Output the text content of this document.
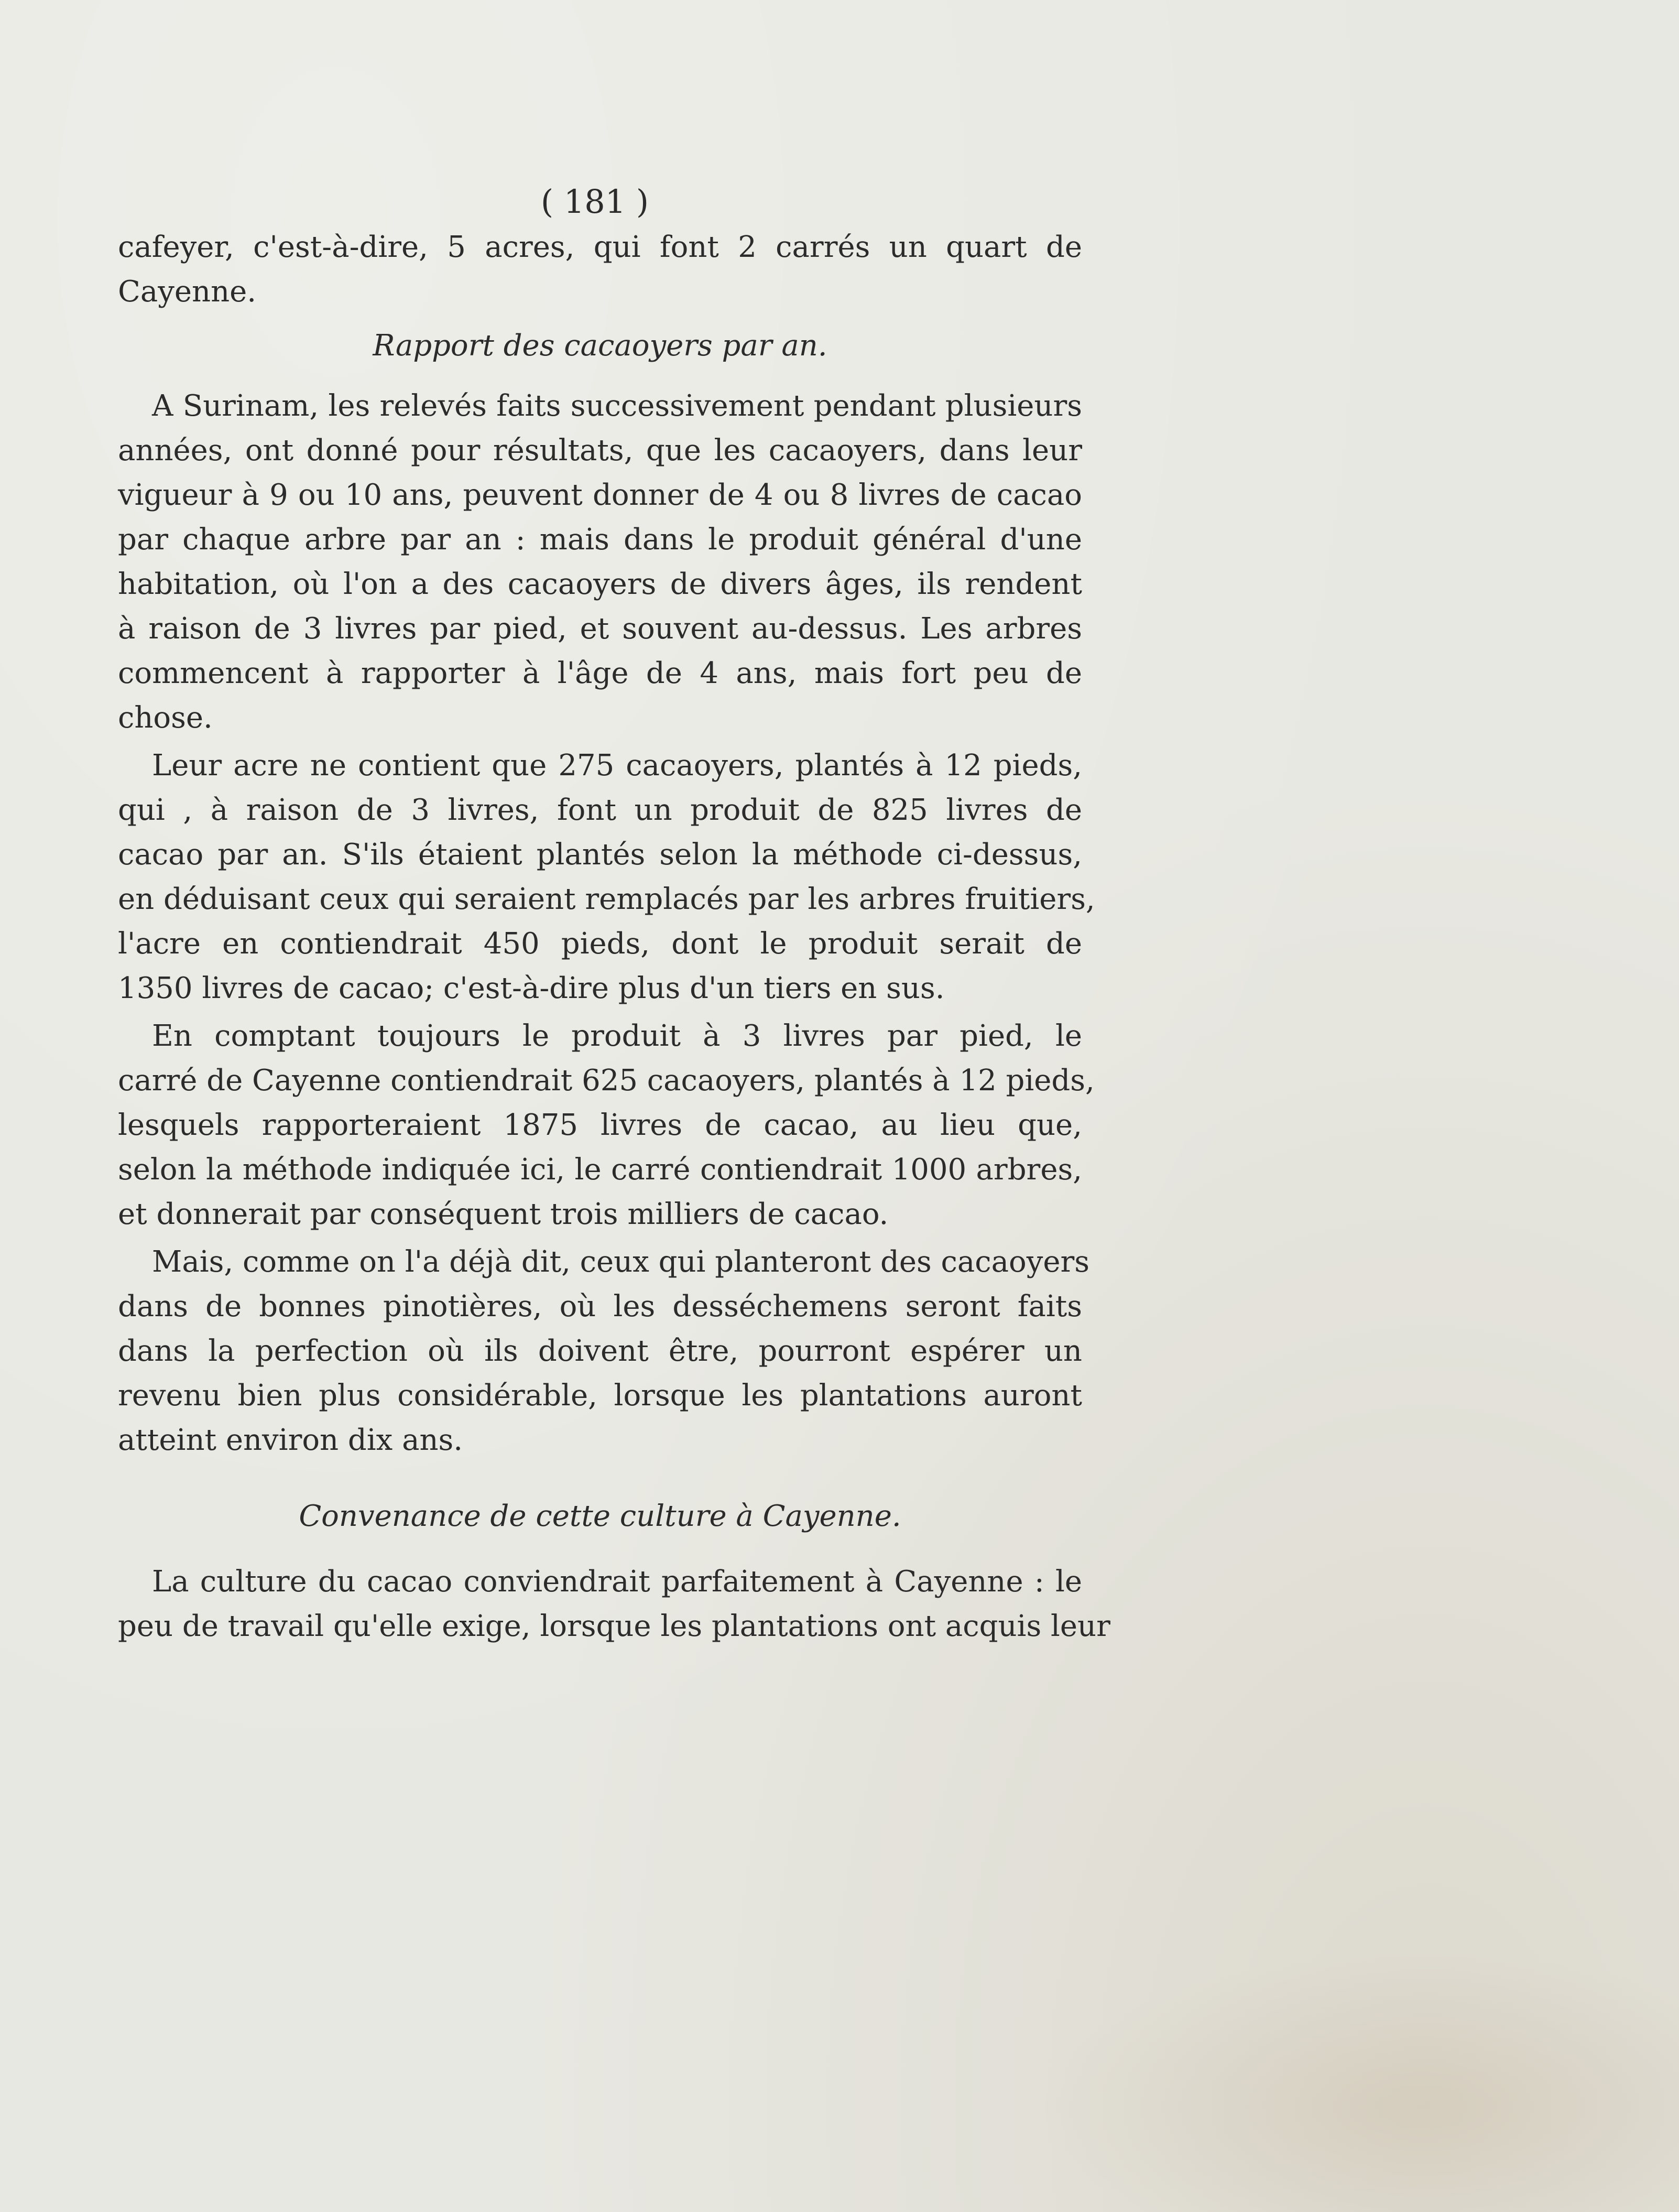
( 181 )
cafeyer, c'est-à-dire, 5 acres, qui font 2 carrés un quart de
Cayenne.
Rapport des cacaoyers par an.
A Surinam, les relevés faits successivement pendant plusieurs
années, ont donné pour résultats, que les cacaoyers, dans leur
vigueur à 9 ou 10 ans, peuvent donner de 4 ou 8 livres de cacao
par chaque arbre par an : mais dans le produit général d'une
habitation, où l'on a des cacaoyers de divers âges, ils rendent
à raison de 3 livres par pied, et souvent au-dessus. Les arbres
commencent à rapporter à l'âge de 4 ans, mais fort peu de
chose.
Leur acre ne contient que 275 cacaoyers, plantés à 12 pieds,
qui , à raison de 3 livres, font un produit de 825 livres de
cacao par an. S'ils étaient plantés selon la méthode ci-dessus,
en déduisant ceux qui seraient remplacés par les arbres fruitiers,
l'acre en contiendrait 450 pieds, dont le produit serait de
1350 livres de cacao; c'est-à-dire plus d'un tiers en sus.
En comptant toujours le produit à 3 livres par pied, le
carré de Cayenne contiendrait 625 cacaoyers, plantés à 12 pieds,
lesquels rapporteraient 1875 livres de cacao, au lieu que,
selon la méthode indiquée ici, le carré contiendrait 1000 arbres,
et donnerait par conséquent trois milliers de cacao.
Mais, comme on l'a déjà dit, ceux qui planteront des cacaoyers
dans de bonnes pinotières, où les desséchemens seront faits
dans la perfection où ils doivent être, pourront espérer un
revenu bien plus considérable, lorsque les plantations auront
atteint environ dix ans.
Convenance de cette culture à Cayenne.
La culture du cacao conviendrait parfaitement à Cayenne : le
peu de travail qu'elle exige, lorsque les plantations ont acquis leur
